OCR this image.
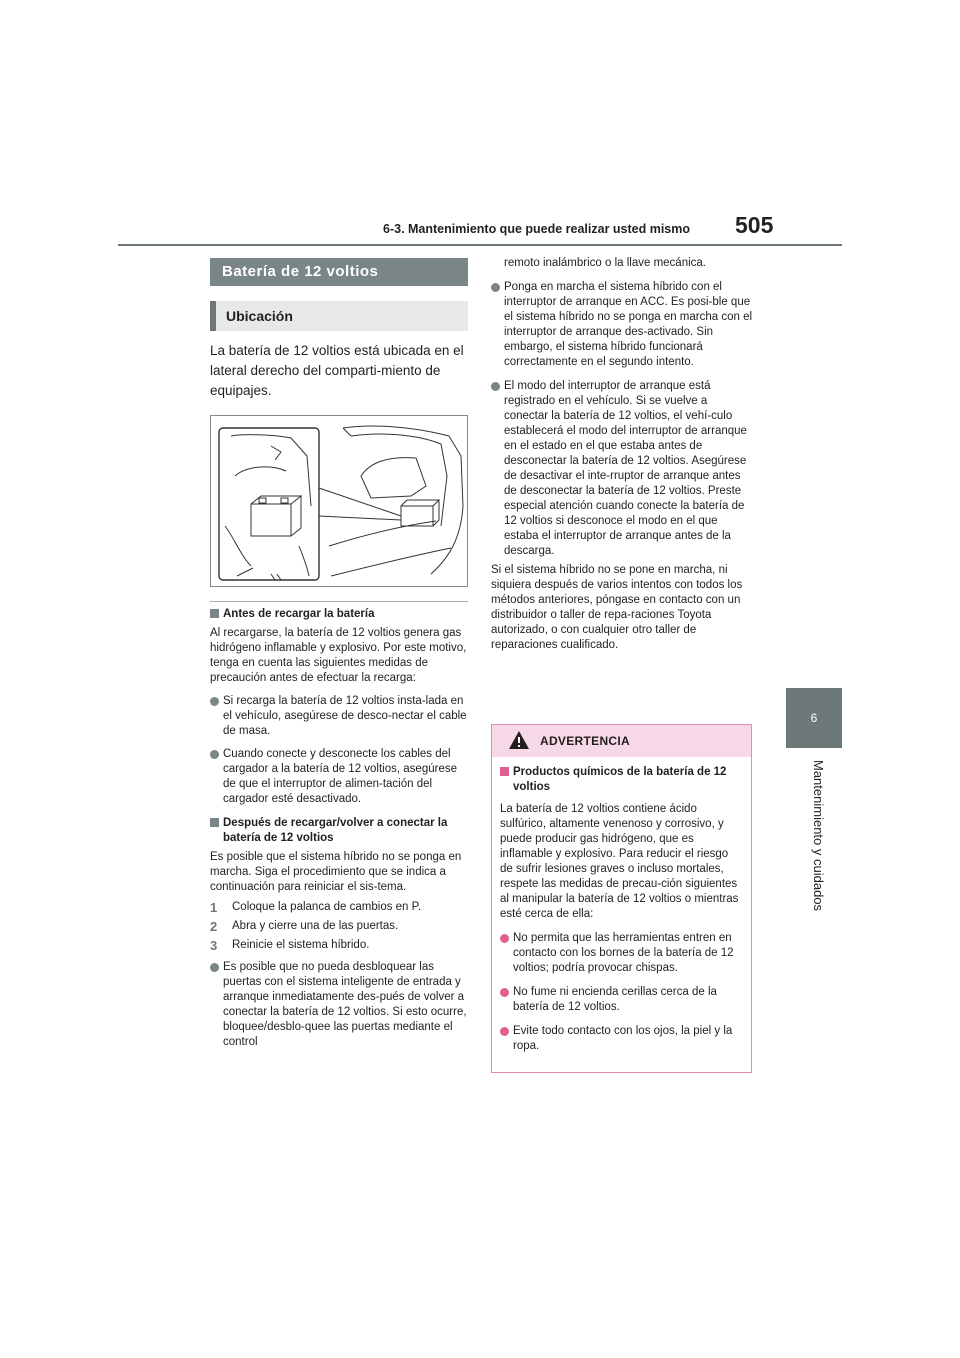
6-3. Mantenimiento que puede realizar usted mismo 505
6
Mantenimiento y cuidados
Batería de 12 voltios
Ubicación
La batería de 12 voltios está ubicada en el lateral derecho del comparti-miento de equipajes.

Antes de recargar la batería

Al recargarse, la batería de 12 voltios genera gas hidrógeno inflamable y explosivo. Por este motivo, tenga en cuenta las siguientes medidas de precaución antes de efectuar la recarga:

Si recarga la batería de 12 voltios insta-lada en el vehículo, asegúrese de desco-nectar el cable de masa.

Cuando conecte y desconecte los cables del cargador a la batería de 12 voltios, asegúrese de que el interruptor de alimen-tación del cargador esté desactivado.

Después de recargar/volver a conectar la batería de 12 voltios

Es posible que el sistema híbrido no se ponga en marcha. Siga el procedimiento que se indica a continuación para reiniciar el sis-tema.

1 Coloque la palanca de cambios en P.

2 Abra y cierre una de las puertas.

3 Reinicie el sistema híbrido.

Es posible que no pueda desbloquear las puertas con el sistema inteligente de entrada y arranque inmediatamente des-pués de volver a conectar la batería de 12 voltios. Si esto ocurre, bloquee/desblo-quee las puertas mediante el control

remoto inalámbrico o la llave mecánica.

Ponga en marcha el sistema híbrido con el interruptor de arranque en ACC. Es posi-ble que el sistema híbrido no se ponga en marcha con el interruptor de arranque des-activado. Sin embargo, el sistema híbrido funcionará correctamente en el segundo intento.

El modo del interruptor de arranque está registrado en el vehículo. Si se vuelve a conectar la batería de 12 voltios, el vehí-culo establecerá el modo del interruptor de arranque en el estado en el que estaba antes de desconectar la batería de 12 voltios. Asegúrese de desactivar el inte-rruptor de arranque antes de desconectar la batería de 12 voltios. Preste especial atención cuando conecte la batería de 12 voltios si desconoce el modo en el que estaba el interruptor de arranque antes de la descarga.

Si el sistema híbrido no se pone en marcha, ni siquiera después de varios intentos con todos los métodos anteriores, póngase en contacto con un distribuidor o taller de repa-raciones Toyota autorizado, o con cualquier otro taller de reparaciones cualificado.

ADVERTENCIA

Productos químicos de la batería de 12 voltios

La batería de 12 voltios contiene ácido sulfúrico, altamente venenoso y corrosivo, y puede producir gas hidrógeno, que es inflamable y explosivo. Para reducir el riesgo de sufrir lesiones graves o incluso mortales, respete las medidas de precau-ción siguientes al manipular la batería de 12 voltios o mientras esté cerca de ella:

No permita que las herramientas entren en contacto con los bornes de la batería de 12 voltios; podría provocar chispas.

No fume ni encienda cerillas cerca de la batería de 12 voltios.

Evite todo contacto con los ojos, la piel y la ropa.
